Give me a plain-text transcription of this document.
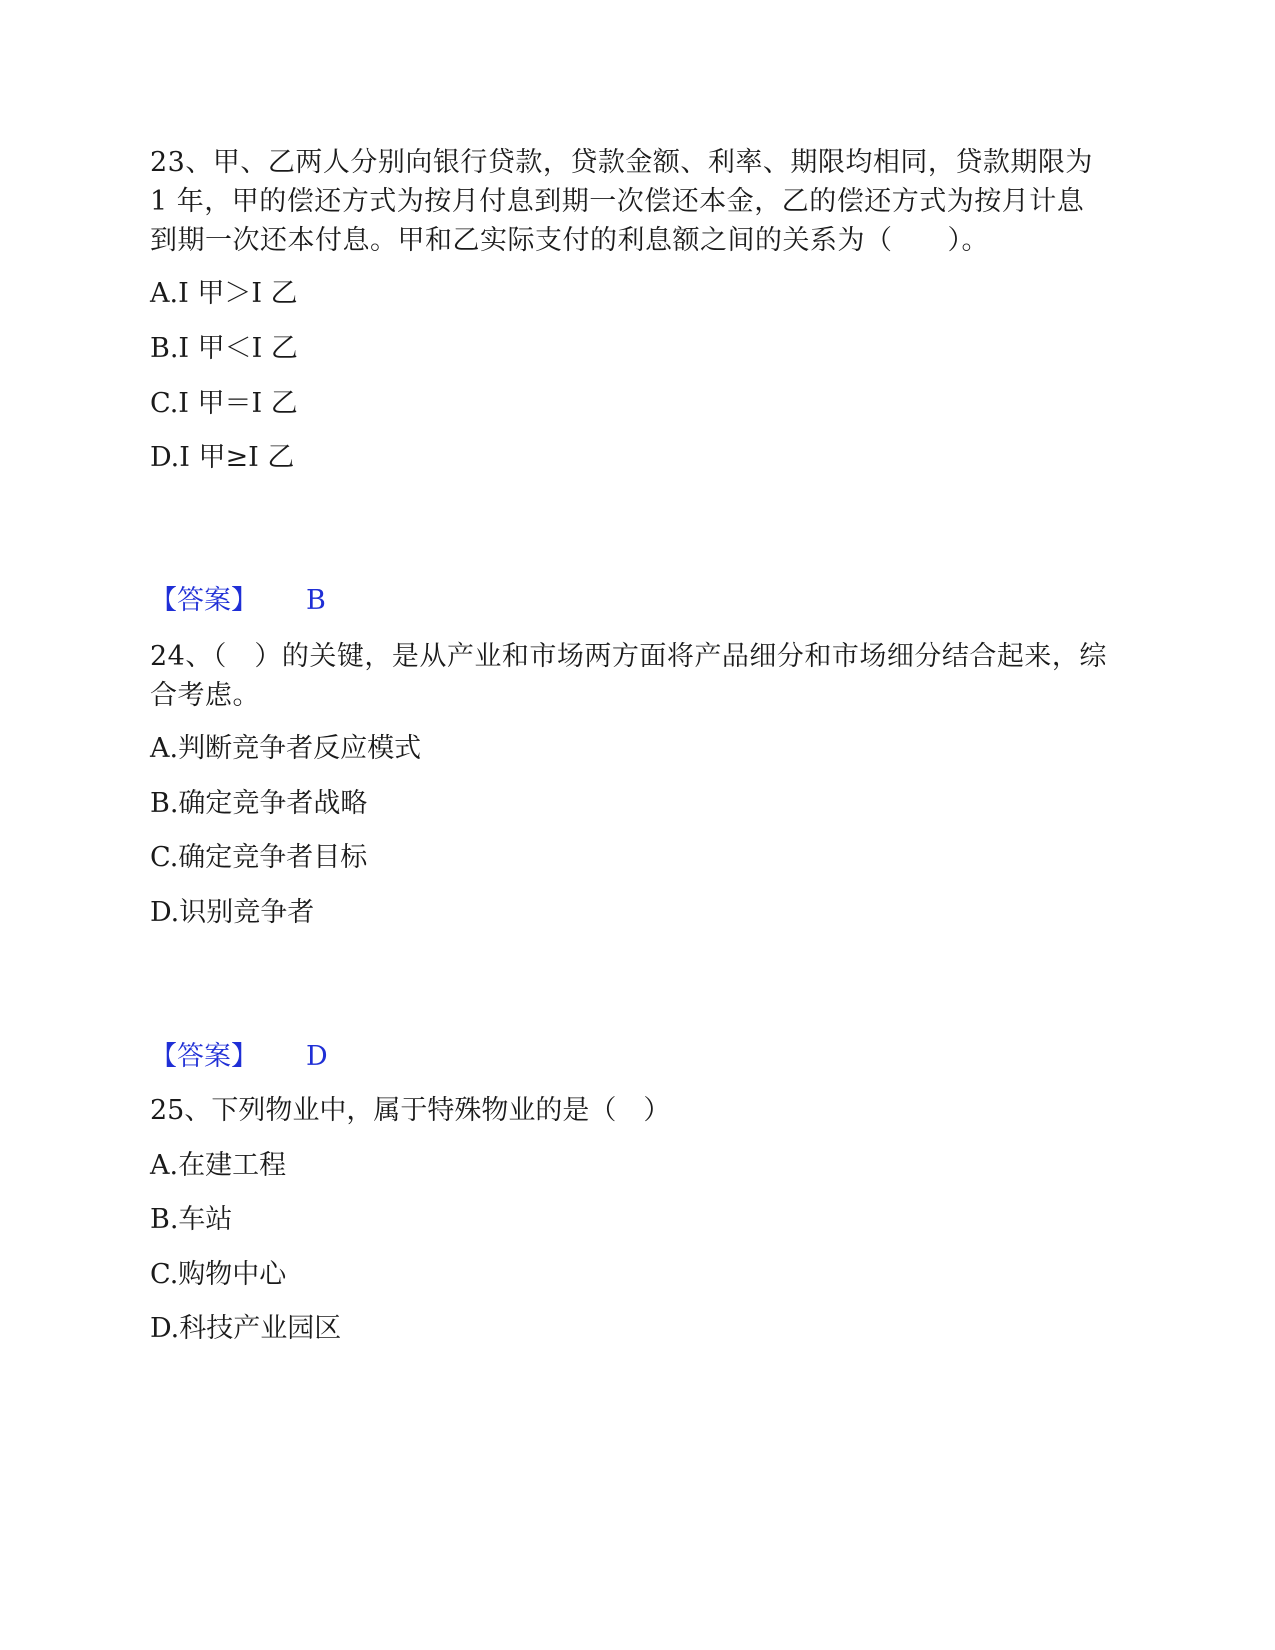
23、甲、乙两人分别向银行贷款，贷款金额、利率、期限均相同，贷款期限为 1 年，甲的偿还方式为按月付息到期一次偿还本金，乙的偿还方式为按月计息到期一次还本付息。甲和乙实际支付的利息额之间的关系为（　　）。
A.I 甲＞I 乙
B.I 甲＜I 乙
C.I 甲＝I 乙
D.I 甲≥I 乙
【答案】 B
24、（　）的关键，是从产业和市场两方面将产品细分和市场细分结合起来，综合考虑。
A.判断竞争者反应模式
B.确定竞争者战略
C.确定竞争者目标
D.识别竞争者
【答案】 D
25、下列物业中，属于特殊物业的是（　）
A.在建工程
B.车站
C.购物中心
D.科技产业园区
